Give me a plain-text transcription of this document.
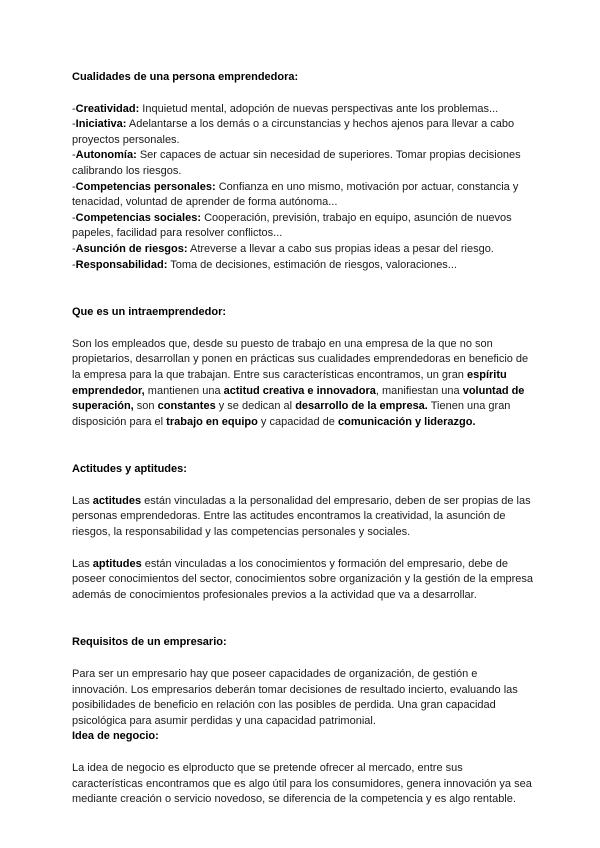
Cualidades de una persona emprendedora:

-Creatividad: Inquietud mental, adopción de nuevas perspectivas ante los problemas...

-Iniciativa: Adelantarse a los demás o a circunstancias y hechos ajenos para llevar a cabo proyectos personales.

-Autonomía: Ser capaces de actuar sin necesidad de superiores. Tomar propias decisiones calibrando los riesgos.

-Competencias personales: Confianza en uno mismo, motivación por actuar, constancia y tenacidad, voluntad de aprender de forma autónoma...

-Competencias sociales: Cooperación, previsión, trabajo en equipo, asunción de nuevos papeles, facilidad para resolver conflictos...

-Asunción de riesgos: Atreverse a llevar a cabo sus propias ideas a pesar del riesgo.

-Responsabilidad: Toma de decisiones, estimación de riesgos, valoraciones...

Que es un intraemprendedor:

Son los empleados que, desde su puesto de trabajo en una empresa de la que no son propietarios, desarrollan y ponen en prácticas sus cualidades emprendedoras en beneficio de la empresa para la que trabajan. Entre sus características encontramos, un gran espíritu emprendedor, mantienen una actitud creativa e innovadora, manifiestan una voluntad de superación, son constantes y se dedican al desarrollo de la empresa. Tienen una gran disposición para el trabajo en equipo y capacidad de comunicación y liderazgo.

Actitudes y aptitudes:

Las actitudes están vinculadas a la personalidad del empresario, deben de ser propias de las personas emprendedoras. Entre las actitudes encontramos la creatividad, la asunción de riesgos, la responsabilidad y las competencias personales y sociales.

Las aptitudes están vinculadas a los conocimientos y formación del empresario, debe de poseer conocimientos del sector, conocimientos sobre organización y la gestión de la empresa además de conocimientos profesionales previos a la actividad que va a desarrollar.

Requisitos de un empresario:

Para ser un empresario hay que poseer capacidades de organización, de gestión e innovación. Los empresarios deberán tomar decisiones de resultado incierto, evaluando las posibilidades de beneficio en relación con las posibles de perdida. Una gran capacidad psicológica para asumir perdidas y una capacidad patrimonial.

Idea de negocio:

La idea de negocio es elproducto que se pretende ofrecer al mercado, entre sus características encontramos que es algo útil para los consumidores, genera innovación ya sea mediante creación o servicio novedoso, se diferencia de la competencia y es algo rentable.
